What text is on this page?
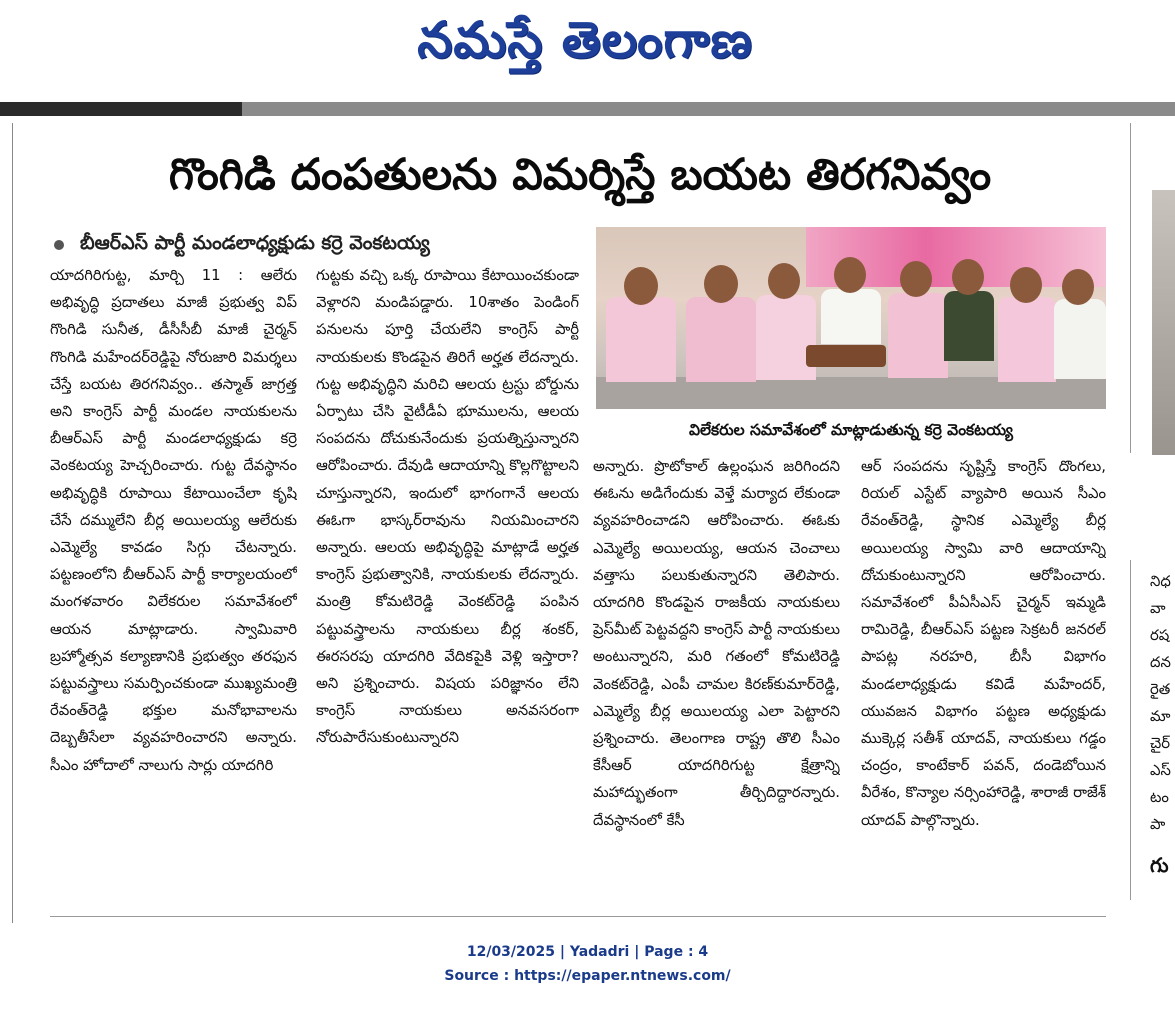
నమస్తే తెలంగాణ
గొంగిడి దంపతులను విమర్శిస్తే బయట తిరగనివ్వం
బీఆర్ఎస్ పార్టీ మండలాధ్యక్షుడు కర్రె వెంకటయ్య

యాదగిరిగుట్ట, మార్చి 11 : ఆలేరు అభివృద్ధి ప్రదాతలు మాజీ ప్రభుత్వ విప్ గొంగిడి సునీత, డీసీసీబీ మాజీ చైర్మన్ గొంగిడి మహేందర్‌రెడ్డిపై నోరుజారి విమర్శలు చేస్తే బయట తిరగనివ్వం.. తస్మాత్ జాగ్రత్త అని కాంగ్రెస్ పార్టీ మండల నాయకులను బీఆర్ఎస్ పార్టీ మండలాధ్యక్షుడు కర్రె వెంకటయ్య హెచ్చరించారు. గుట్ట దేవస్థానం అభివృద్ధికి రూపాయి కేటాయించేలా కృషి చేసే దమ్ములేని బీర్ల అయిలయ్య ఆలేరుకు ఎమ్మెల్యే కావడం సిగ్గు చేటన్నారు. పట్టణంలోని బీఆర్ఎస్ పార్టీ కార్యాలయంలో మంగళవారం విలేకరుల సమావేశంలో ఆయన మాట్లాడారు. స్వామివారి బ్రహ్మోత్సవ కల్యాణానికి ప్రభుత్వం తరఫున పట్టువస్త్రాలు సమర్పించకుండా ముఖ్యమంత్రి రేవంత్‌రెడ్డి భక్తుల మనోభావాలను దెబ్బతీసేలా వ్యవహరించారని అన్నారు. సీఎం హోదాలో నాలుగు సార్లు యాదగిరి

గుట్టకు వచ్చి ఒక్క రూపాయి కేటాయించకుండా వెళ్లారని మండిపడ్డారు. 10శాతం పెండింగ్ పనులను పూర్తి చేయలేని కాంగ్రెస్ పార్టీ నాయకులకు కొండపైన తిరిగే అర్హత లేదన్నారు. గుట్ట అభివృద్ధిని మరిచి ఆలయ ట్రస్టు బోర్డును ఏర్పాటు చేసి వైటీడీఏ భూములను, ఆలయ సంపదను దోచుకునేందుకు ప్రయత్నిస్తున్నారని ఆరోపించారు. దేవుడి ఆదాయాన్ని కొల్లగొట్టాలని చూస్తున్నారని, ఇందులో భాగంగానే ఆలయ ఈఓగా భాస్కర్‌రావును నియమించారని అన్నారు. ఆలయ అభివృద్ధిపై మాట్లాడే అర్హత కాంగ్రెస్ ప్రభుత్వానికి, నాయకులకు లేదన్నారు. మంత్రి కోమటిరెడ్డి వెంకట్‌రెడ్డి పంపిన పట్టువస్త్రాలను నాయకులు బీర్ల శంకర్, ఈరసరపు యాదగిరి వేదికపైకి వెళ్లి ఇస్తారా? అని ప్రశ్నించారు. విషయ పరిజ్ఞానం లేని కాంగ్రెస్ నాయకులు అనవసరంగా నోరుపారేసుకుంటున్నారని

విలేకరుల సమావేశంలో మాట్లాడుతున్న కర్రె వెంకటయ్య

అన్నారు. ప్రొటోకాల్ ఉల్లంఘన జరిగిందని ఈఓను అడిగేందుకు వెళ్తే మర్యాద లేకుండా వ్యవహరించాడని ఆరోపించారు. ఈఓకు ఎమ్మెల్యే అయిలయ్య, ఆయన చెంచాలు వత్తాసు పలుకుతున్నారని తెలిపారు. యాదగిరి కొండపైన రాజకీయ నాయకులు ప్రెస్‌మీట్ పెట్టవద్దని కాంగ్రెస్ పార్టీ నాయకులు అంటున్నారని, మరి గతంలో కోమటిరెడ్డి వెంకట్‌రెడ్డి, ఎంపీ చామల కిరణ్‌కుమార్‌రెడ్డి, ఎమ్మెల్యే బీర్ల అయిలయ్య ఎలా పెట్టారని ప్రశ్నించారు. తెలంగాణ రాష్ట్ర తొలి సీఎం కేసీఆర్ యాదగిరిగుట్ట క్షేత్రాన్ని మహాద్భుతంగా తీర్చిదిద్దారన్నారు. దేవస్థానంలో కేసీ

ఆర్ సంపదను సృష్టిస్తే కాంగ్రెస్ దొంగలు, రియల్ ఎస్టేట్ వ్యాపారి అయిన సీఎం రేవంత్‌రెడ్డి, స్థానిక ఎమ్మెల్యే బీర్ల అయిలయ్య స్వామి వారి ఆదాయాన్ని దోచుకుంటున్నారని ఆరోపించారు. సమావేశంలో పీఏసీఎస్ చైర్మన్ ఇమ్మడి రామిరెడ్డి, బీఆర్ఎస్ పట్టణ సెక్రటరీ జనరల్ పాపట్ల నరహరి, బీసీ విభాగం మండలాధ్యక్షుడు కవిడే మహేందర్, యువజన విభాగం పట్టణ అధ్యక్షుడు ముక్కెర్ల సతీశ్ యాదవ్, నాయకులు గడ్డం చంద్రం, కాంటేకార్ పవన్, దండెబోయిన వీరేశం, కొన్యాల నర్సింహారెడ్డి, శారాజీ రాజేశ్ యాదవ్ పాల్గొన్నారు.

నిధ
వా
రష
దన
రైత
మా
చైర్
ఎస్
టం
పా
గు
12/03/2025 | Yadadri | Page : 4
Source : https://epaper.ntnews.com/
